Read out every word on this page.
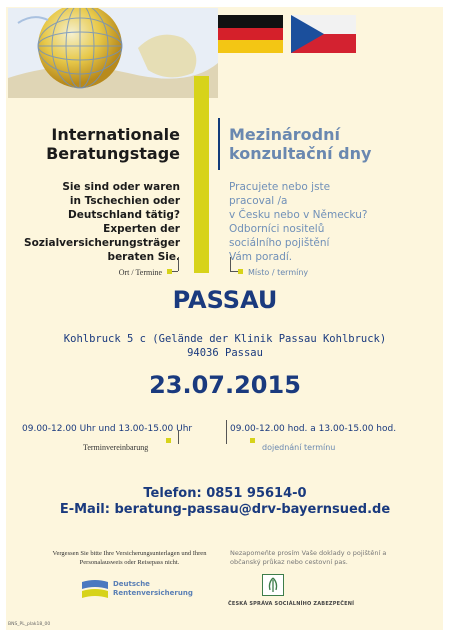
Internationale
Beratungstage
Mezinárodní
konzultační dny
Sie sind oder waren
in Tschechien oder
Deutschland tätig?
Experten der
Sozialversicherungsträger
beraten Sie.
Pracujete nebo jste
pracoval /a
v Česku nebo v Německu?
Odborníci nositelů
sociálního pojištění
Vám poradí.
Ort / Termine	Místo / termíny
PASSAU
Kohlbruck 5 c (Gelände der Klinik Passau Kohlbruck)
94036 Passau
23.07.2015
09.00-12.00 Uhr und 13.00-15.00 Uhr
Terminvereinbarung
09.00-12.00 hod. a 13.00-15.00 hod.
dojednání termínu
Telefon: 0851 95614-0
E-Mail: beratung-passau@drv-bayernsued.de
Vergessen Sie bitte Ihre Versicherungsunterlagen und Ihren Personalausweis oder Reisepass nicht.
Nezapomeňte prosím Vaše doklady o pojištění a občanský průkaz nebo cestovní pas.
Deutsche
Rentenversicherung
ČESKÁ SPRÁVA SOCIÁLNÍHO ZABEZPEČENÍ
BNS_PL_plak18_00
